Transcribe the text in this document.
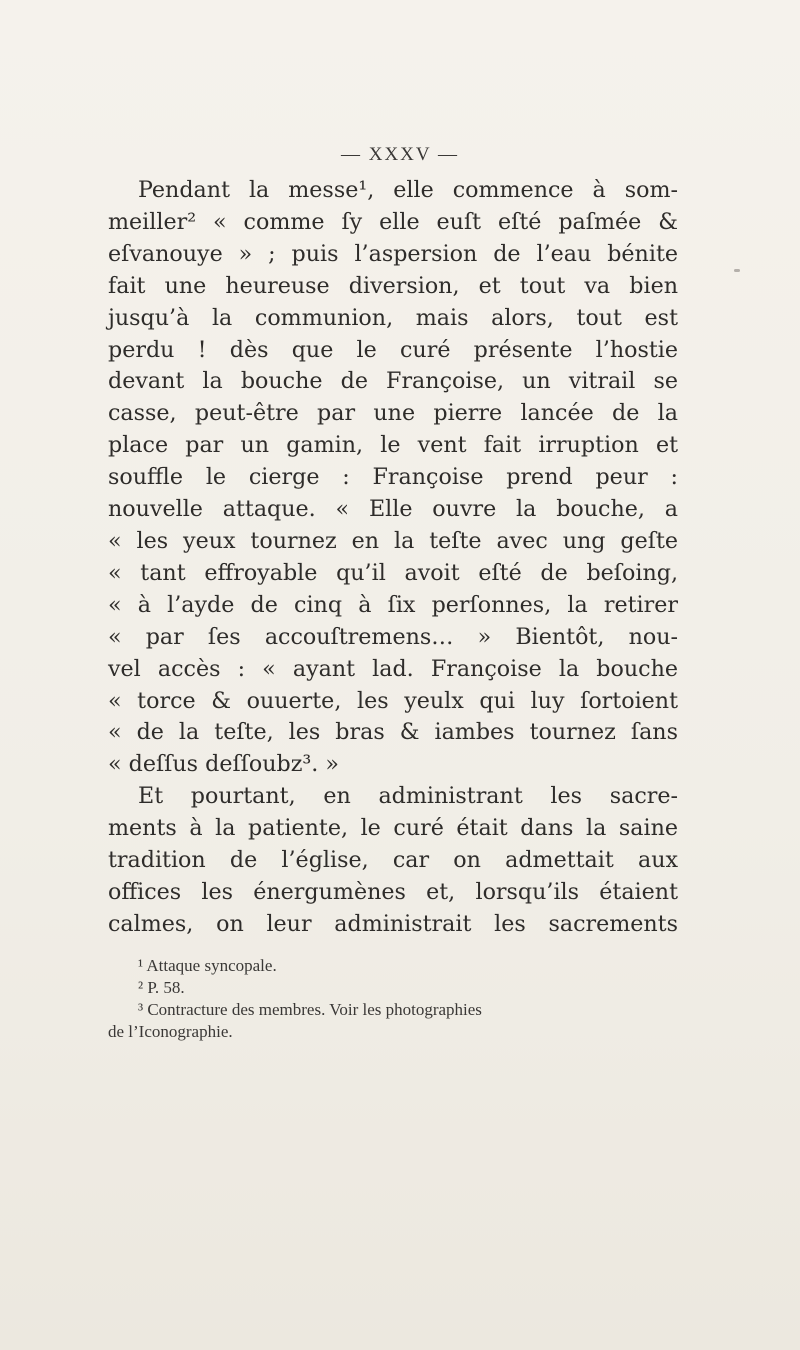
— XXXV —
Pendant la messe¹, elle commence à som-
meiller² « comme ſy elle euſt eſté paſmée &
eſvanouye » ; puis l’aspersion de l’eau bénite
fait une heureuse diversion, et tout va bien
jusqu’à la communion, mais alors, tout est
perdu ! dès que le curé présente l’hostie
devant la bouche de Françoise, un vitrail se
casse, peut-être par une pierre lancée de la
place par un gamin, le vent fait irruption et
souffle le cierge : Françoise prend peur :
nouvelle attaque. « Elle ouvre la bouche, a
« les yeux tournez en la teſte avec ung geſte
« tant effroyable qu’il avoit eſté de beſoing,
« à l’ayde de cinq à ſix perſonnes, la retirer
« par ſes accouſtremens… » Bientôt, nou-
vel accès : « ayant lad. Françoise la bouche
« torce & ouuerte, les yeulx qui luy ſortoient
« de la teſte, les bras & iambes tournez ſans
« deſſus deſſoubz³. »
Et pourtant, en administrant les sacre-
ments à la patiente, le curé était dans la saine
tradition de l’église, car on admettait aux
offices les énergumènes et, lorsqu’ils étaient
calmes, on leur administrait les sacrements
¹ Attaque syncopale.
² P. 58.
³ Contracture des membres. Voir les photographies
de l’Iconographie.
